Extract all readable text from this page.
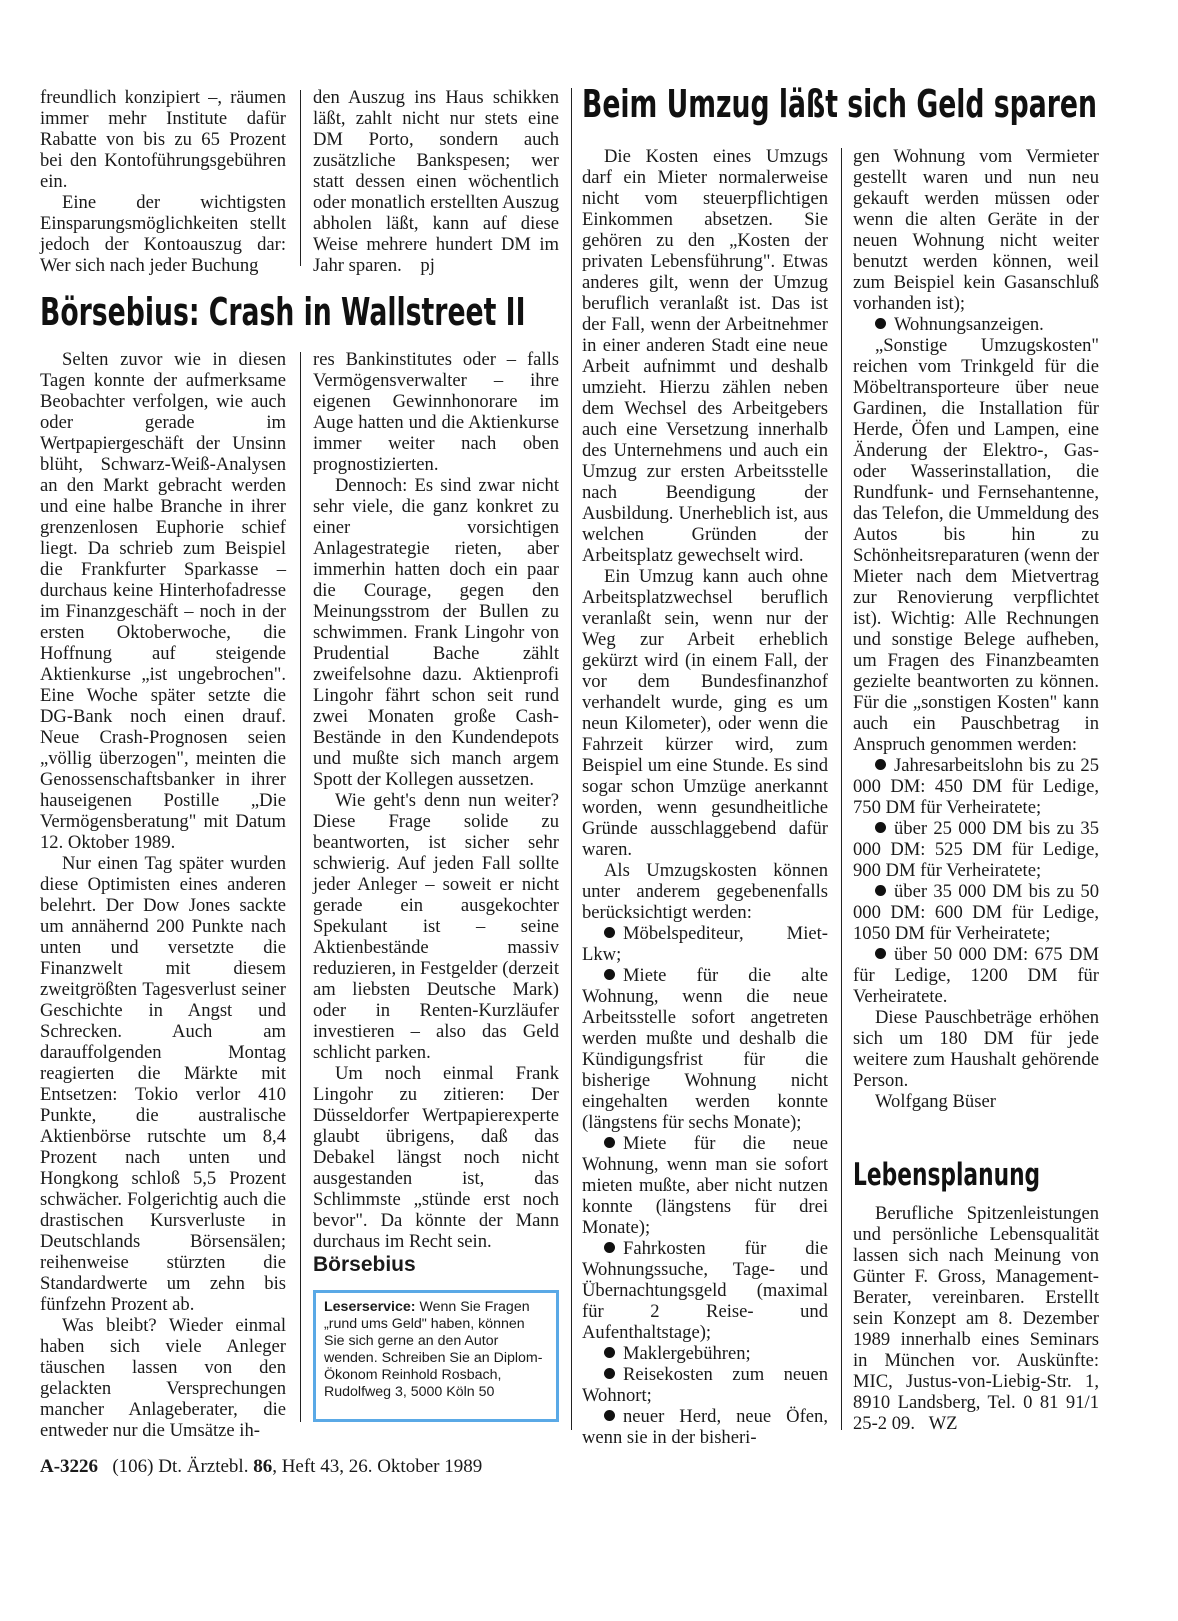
freundlich konzipiert –, räumen immer mehr Institute dafür Rabatte von bis zu 65 Prozent bei den Kontoführungsgebühren ein.

Eine der wichtigsten Einsparungsmöglichkeiten stellt jedoch der Kontoauszug dar: Wer sich nach jeder Buchung

den Auszug ins Haus schikken läßt, zahlt nicht nur stets eine DM Porto, sondern auch zusätzliche Bankspesen; wer statt dessen einen wöchentlich oder monatlich erstellten Auszug abholen läßt, kann auf diese Weise mehrere hundert DM im Jahr sparen. pj

Börsebius: Crash in Wallstreet II

Selten zuvor wie in diesen Tagen konnte der aufmerksame Beobachter verfolgen, wie auch oder gerade im Wertpapiergeschäft der Unsinn blüht, Schwarz-Weiß-Analysen an den Markt gebracht werden und eine halbe Branche in ihrer grenzenlosen Euphorie schief liegt. Da schrieb zum Beispiel die Frankfurter Sparkasse – durchaus keine Hinterhofadresse im Finanzgeschäft – noch in der ersten Oktoberwoche, die Hoffnung auf steigende Aktienkurse „ist ungebrochen". Eine Woche später setzte die DG-Bank noch einen drauf. Neue Crash-Prognosen seien „völlig überzogen", meinten die Genossenschaftsbanker in ihrer hauseigenen Postille „Die Vermögensberatung" mit Datum 12. Oktober 1989.

Nur einen Tag später wurden diese Optimisten eines anderen belehrt. Der Dow Jones sackte um annähernd 200 Punkte nach unten und versetzte die Finanzwelt mit diesem zweitgrößten Tagesverlust seiner Geschichte in Angst und Schrecken. Auch am darauffolgenden Montag reagierten die Märkte mit Entsetzen: Tokio verlor 410 Punkte, die australische Aktienbörse rutschte um 8,4 Prozent nach unten und Hongkong schloß 5,5 Prozent schwächer. Folgerichtig auch die drastischen Kursverluste in Deutschlands Börsensälen; reihenweise stürzten die Standardwerte um zehn bis fünfzehn Prozent ab.

Was bleibt? Wieder einmal haben sich viele Anleger täuschen lassen von den gelackten Versprechungen mancher Anlageberater, die entweder nur die Umsätze ih-

res Bankinstitutes oder – falls Vermögensverwalter – ihre eigenen Gewinnhonorare im Auge hatten und die Aktienkurse immer weiter nach oben prognostizierten.

Dennoch: Es sind zwar nicht sehr viele, die ganz konkret zu einer vorsichtigen Anlagestrategie rieten, aber immerhin hatten doch ein paar die Courage, gegen den Meinungsstrom der Bullen zu schwimmen. Frank Lingohr von Prudential Bache zählt zweifelsohne dazu. Aktienprofi Lingohr fährt schon seit rund zwei Monaten große Cash-Bestände in den Kundendepots und mußte sich manch argem Spott der Kollegen aussetzen.

Wie geht's denn nun weiter? Diese Frage solide zu beantworten, ist sicher sehr schwierig. Auf jeden Fall sollte jeder Anleger – soweit er nicht gerade ein ausgekochter Spekulant ist – seine Aktienbestände massiv reduzieren, in Festgelder (derzeit am liebsten Deutsche Mark) oder in Renten-Kurzläufer investieren – also das Geld schlicht parken.

Um noch einmal Frank Lingohr zu zitieren: Der Düsseldorfer Wertpapierexperte glaubt übrigens, daß das Debakel längst noch nicht ausgestanden ist, das Schlimmste „stünde erst noch bevor". Da könnte der Mann durchaus im Recht sein.

Börsebius
Leserservice: Wenn Sie Fragen „rund ums Geld" haben, können Sie sich gerne an den Autor wenden. Schreiben Sie an Diplom-Ökonom Reinhold Rosbach, Rudolfweg 3, 5000 Köln 50
Beim Umzug läßt sich Geld sparen

Die Kosten eines Umzugs darf ein Mieter normalerweise nicht vom steuerpflichtigen Einkommen absetzen. Sie gehören zu den „Kosten der privaten Lebensführung". Etwas anderes gilt, wenn der Umzug beruflich veranlaßt ist. Das ist der Fall, wenn der Arbeitnehmer in einer anderen Stadt eine neue Arbeit aufnimmt und deshalb umzieht. Hierzu zählen neben dem Wechsel des Arbeitgebers auch eine Versetzung innerhalb des Unternehmens und auch ein Umzug zur ersten Arbeitsstelle nach Beendigung der Ausbildung. Unerheblich ist, aus welchen Gründen der Arbeitsplatz gewechselt wird.

Ein Umzug kann auch ohne Arbeitsplatzwechsel beruflich veranlaßt sein, wenn nur der Weg zur Arbeit erheblich gekürzt wird (in einem Fall, der vor dem Bundesfinanzhof verhandelt wurde, ging es um neun Kilometer), oder wenn die Fahrzeit kürzer wird, zum Beispiel um eine Stunde. Es sind sogar schon Umzüge anerkannt worden, wenn gesundheitliche Gründe ausschlaggebend dafür waren.

Als Umzugskosten können unter anderem gegebenenfalls berücksichtigt werden:

Möbelspediteur, Miet-Lkw;

Miete für die alte Wohnung, wenn die neue Arbeitsstelle sofort angetreten werden mußte und deshalb die Kündigungsfrist für die bisherige Wohnung nicht eingehalten werden konnte (längstens für sechs Monate);

Miete für die neue Wohnung, wenn man sie sofort mieten mußte, aber nicht nutzen konnte (längstens für drei Monate);

Fahrkosten für die Wohnungssuche, Tage- und Übernachtungsgeld (maximal für 2 Reise- und Aufenthaltstage);

Maklergebühren;

Reisekosten zum neuen Wohnort;

neuer Herd, neue Öfen, wenn sie in der bisheri-

gen Wohnung vom Vermieter gestellt waren und nun neu gekauft werden müssen oder wenn die alten Geräte in der neuen Wohnung nicht weiter benutzt werden können, weil zum Beispiel kein Gasanschluß vorhanden ist);

Wohnungsanzeigen.

„Sonstige Umzugskosten" reichen vom Trinkgeld für die Möbeltransporteure über neue Gardinen, die Installation für Herde, Öfen und Lampen, eine Änderung der Elektro-, Gas- oder Wasserinstallation, die Rundfunk- und Fernsehantenne, das Telefon, die Ummeldung des Autos bis hin zu Schönheitsreparaturen (wenn der Mieter nach dem Mietvertrag zur Renovierung verpflichtet ist). Wichtig: Alle Rechnungen und sonstige Belege aufheben, um Fragen des Finanzbeamten gezielte beantworten zu können. Für die „sonstigen Kosten" kann auch ein Pauschbetrag in Anspruch genommen werden:

Jahresarbeitslohn bis zu 25 000 DM: 450 DM für Ledige, 750 DM für Verheiratete;

über 25 000 DM bis zu 35 000 DM: 525 DM für Ledige, 900 DM für Verheiratete;

über 35 000 DM bis zu 50 000 DM: 600 DM für Ledige, 1050 DM für Verheiratete;

über 50 000 DM: 675 DM für Ledige, 1200 DM für Verheiratete.

Diese Pauschbeträge erhöhen sich um 180 DM für jede weitere zum Haushalt gehörende Person.

Wolfgang Büser

Lebensplanung

Berufliche Spitzenleistungen und persönliche Lebensqualität lassen sich nach Meinung von Günter F. Gross, Management-Berater, vereinbaren. Erstellt sein Konzept am 8. Dezember 1989 innerhalb eines Seminars in München vor. Auskünfte: MIC, Justus-von-Liebig-Str. 1, 8910 Landsberg, Tel. 0 81 91/1 25-2 09. WZ

A-3226 (106) Dt. Ärztebl. 86, Heft 43, 26. Oktober 1989
